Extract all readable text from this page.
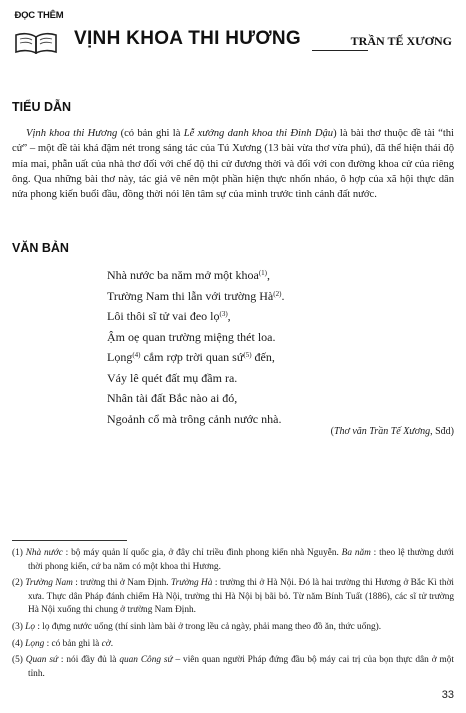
ĐỌC THÊM
VỊNH KHOA THI HƯƠNG	TRẦN TẾ XƯƠNG
TIỂU DẪN

Vịnh khoa thi Hương (có bản ghi là Lễ xướng danh khoa thi Đinh Dậu) là bài thơ thuộc đề tài “thi cử” – một đề tài khá đậm nét trong sáng tác của Tú Xương (13 bài vừa thơ vừa phú), đã thể hiện thái độ mỉa mai, phẫn uất của nhà thơ đối với chế độ thi cử đương thời và đối với con đường khoa cử của riêng ông. Qua những bài thơ này, tác giả vẽ nên một phần hiện thực nhốn nháo, ô hợp của xã hội thực dân nửa phong kiến buổi đầu, đồng thời nói lên tâm sự của mình trước tình cảnh đất nước.

VĂN BẢN
Nhà nước ba năm mở một khoa$^{(1)}$,
Trường Nam thi lẫn với trường $Hà^{(2)}$.
Lôi thôi sĩ tử vai đeo lọ$^{(3)}$,
Ậm oẹ quan trường miệng thét loa.
Lọng$^{(4)}$ cắm rợp trời quan sứ$^{(5)}$ đến,
Váy lê quét đất mụ đầm ra.
Nhân tài đất Bắc nào ai đó,
Ngoảnh cổ mà trông cảnh nước nhà.
(Thơ văn Trần Tế Xương, Sđd)

(1) Nhà nước : bộ máy quản lí quốc gia, ở đây chỉ triều đình phong kiến nhà Nguyễn. Ba năm : theo lệ thường dưới thời phong kiến, cứ ba năm có một khoa thi Hương.

(2) Trường Nam : trường thi ở Nam Định. Trường Hà : trường thi ở Hà Nội. Đó là hai trường thi Hương ở Bắc Kì thời xưa. Thực dân Pháp đánh chiếm Hà Nội, trường thi Hà Nội bị bãi bỏ. Từ năm Bính Tuất (1886), các sĩ tử trường Hà Nội xuống thi chung ở trường Nam Định.

(3) Lọ : lọ đựng nước uống (thí sinh làm bài ở trong lều cả ngày, phải mang theo đồ ăn, thức uống).

(4) Lọng : có bản ghi là cờ.

(5) Quan sứ : nói đầy đủ là quan Công sứ – viên quan người Pháp đứng đầu bộ máy cai trị của bọn thực dân ở một tỉnh.

33
